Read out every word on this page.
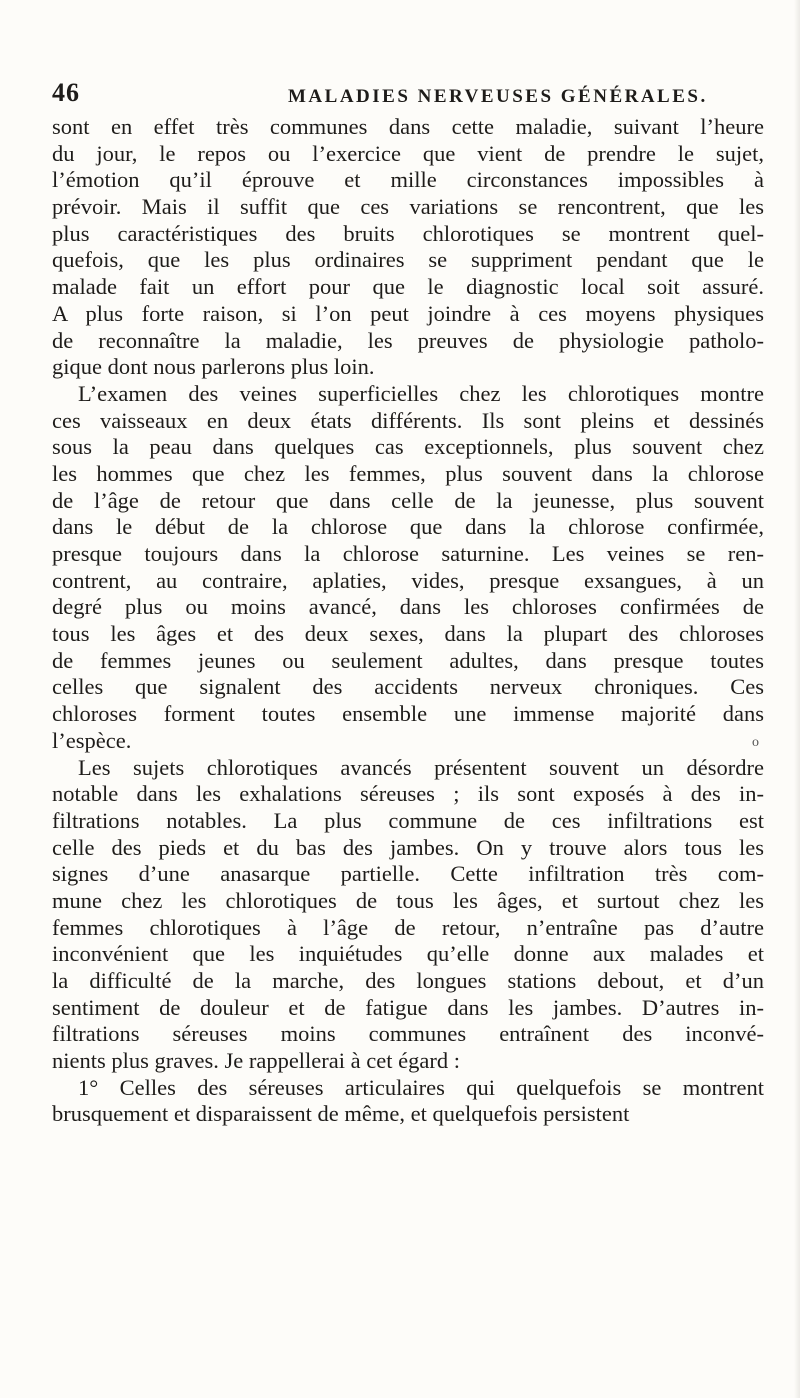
46	MALADIES NERVEUSES GÉNÉRALES.
sont en effet très communes dans cette maladie, suivant l’heure
du jour, le repos ou l’exercice que vient de prendre le sujet,
l’émotion qu’il éprouve et mille circonstances impossibles à
prévoir. Mais il suffit que ces variations se rencontrent, que les
plus caractéristiques des bruits chlorotiques se montrent quel-
quefois, que les plus ordinaires se suppriment pendant que le
malade fait un effort pour que le diagnostic local soit assuré.
A plus forte raison, si l’on peut joindre à ces moyens physiques
de reconnaître la maladie, les preuves de physiologie patholo-
gique dont nous parlerons plus loin.
L’examen des veines superficielles chez les chlorotiques montre
ces vaisseaux en deux états différents. Ils sont pleins et dessinés
sous la peau dans quelques cas exceptionnels, plus souvent chez
les hommes que chez les femmes, plus souvent dans la chlorose
de l’âge de retour que dans celle de la jeunesse, plus souvent
dans le début de la chlorose que dans la chlorose confirmée,
presque toujours dans la chlorose saturnine. Les veines se ren-
contrent, au contraire, aplaties, vides, presque exsangues, à un
degré plus ou moins avancé, dans les chloroses confirmées de
tous les âges et des deux sexes, dans la plupart des chloroses
de femmes jeunes ou seulement adultes, dans presque toutes
celles que signalent des accidents nerveux chroniques. Ces
chloroses forment toutes ensemble une immense majorité dans
l’espèce.
Les sujets chlorotiques avancés présentent souvent un désordre
notable dans les exhalations séreuses ; ils sont exposés à des in-
filtrations notables. La plus commune de ces infiltrations est
celle des pieds et du bas des jambes. On y trouve alors tous les
signes d’une anasarque partielle. Cette infiltration très com-
mune chez les chlorotiques de tous les âges, et surtout chez les
femmes chlorotiques à l’âge de retour, n’entraîne pas d’autre
inconvénient que les inquiétudes qu’elle donne aux malades et
la difficulté de la marche, des longues stations debout, et d’un
sentiment de douleur et de fatigue dans les jambes. D’autres in-
filtrations séreuses moins communes entraînent des inconvé-
nients plus graves. Je rappellerai à cet égard :
1° Celles des séreuses articulaires qui quelquefois se montrent
brusquement et disparaissent de même, et quelquefois persistent
o
